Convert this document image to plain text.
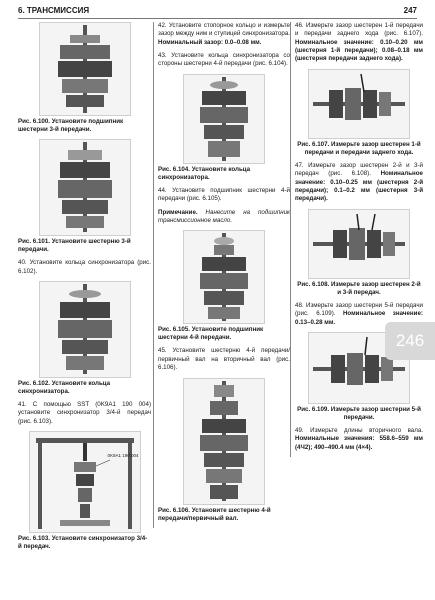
6. ТРАНСМИССИЯ	247
Рис. 6.100. Установите подшипник шестерни 3-й передачи.
Рис. 6.101. Установите шестерню 3-й передачи.
40. Установите кольца синхронизатора (рис. 6.102).
Рис. 6.102. Установите кольца синхронизатора.
41. С помощью SST (0K9A1 190 004) установите синхронизатор 3/4-й передач (рис. 6.103).
0K9A1 190 004
Рис. 6.103. Установите синхронизатор 3/4-й передач.
42. Установите стопорное кольцо и измерьте зазор между ним и ступицей синхронизатора. Номинальный зазор: 0.0–0.08 мм.
43. Установите кольца синхронизатора со стороны шестерни 4-й передачи (рис. 6.104).
Рис. 6.104. Установите кольца синхронизатора.
44. Установите подшипник шестерни 4-й передачи (рис. 6.105).
Примечание. Нанесите на подшипник трансмиссионное масло.
Рис. 6.105. Установите подшипник шестерни 4-й передачи.
45. Установите шестерню 4-й передачи/первичный вал на вторичный вал (рис. 6.106).
Рис. 6.106. Установите шестерню 4-й передачи/первичный вал.
46. Измерьте зазор шестерен 1-й передачи и передачи заднего хода (рис. 6.107). Номинальное значение: 0.10–0.20 мм (шестерня 1-й передачи); 0.08–0.18 мм (шестерня передачи заднего хода).
Рис. 6.107. Измерьте зазор шестерен 1-й передачи и передачи заднего хода.
47. Измерьте зазор шестерен 2-й и 3-й передач (рис. 6.108). Номинальное значение: 0.10–0.25 мм (шестерня 2-й передачи); 0.1–0.2 мм (шестерня 3-й передачи).
Рис. 6.108. Измерьте зазор шестерен 2-й и 3-й передач.
48. Измерьте зазор шестерни 5-й передачи (рис. 6.109). Номинальное значение: 0.13–0.28 мм.
Рис. 6.109. Измерьте зазор шестерни 5-й передачи.
49. Измерьте длины вторичного вала. Номинальные значения: 558.6–559 мм (4Ч2); 490–490.4 мм (4×4).
246
